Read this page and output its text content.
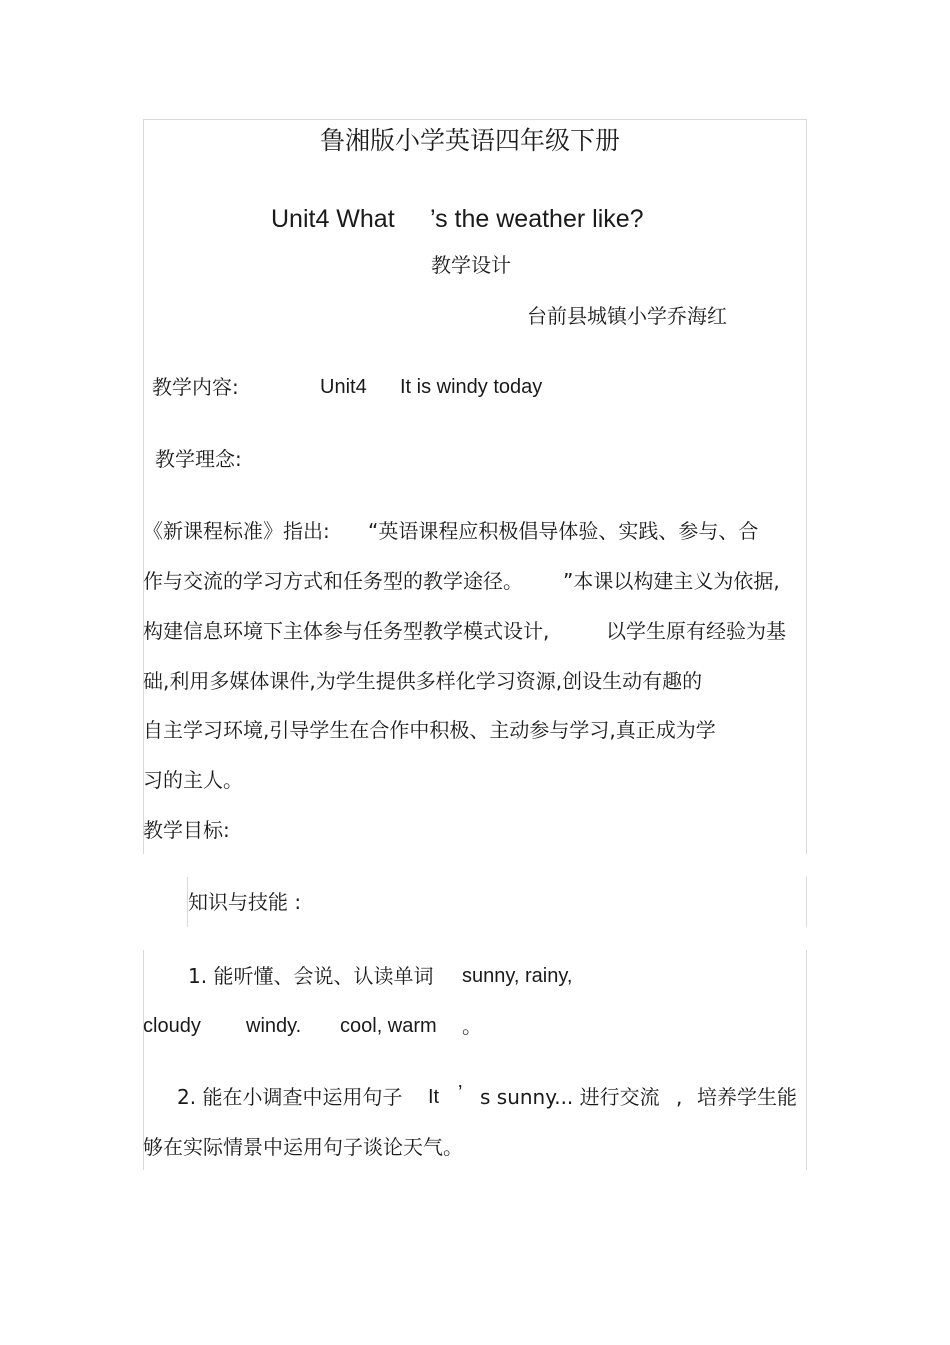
鲁湘版小学英语四年级下册
Unit4 What ’s the weather like?
教学设计
台前县城镇小学乔海红
教学内容:	Unit4 It is windy today
教学理念:
《新课程标准》指出: “英语课程应积极倡导体验、实践、参与、合
作与交流的学习方式和任务型的教学途径。 ”本课以构建主义为依据,
构建信息环境下主体参与任务型教学模式设计,	以学生原有经验为基
础,利用多媒体课件,为学生提供多样化学习资源,创设生动有趣的
自主学习环境,引导学生在合作中积极、主动参与学习,真正成为学
习的主人。
教学目标:
知识与技能 :
1. 能听懂、会说、认读单词 sunny, rainy,
cloudy windy. cool, warm 。
2. 能在小调查中运用句子 It ’ s sunny... 进行交流 , 培养学生能
够在实际情景中运用句子谈论天气。
